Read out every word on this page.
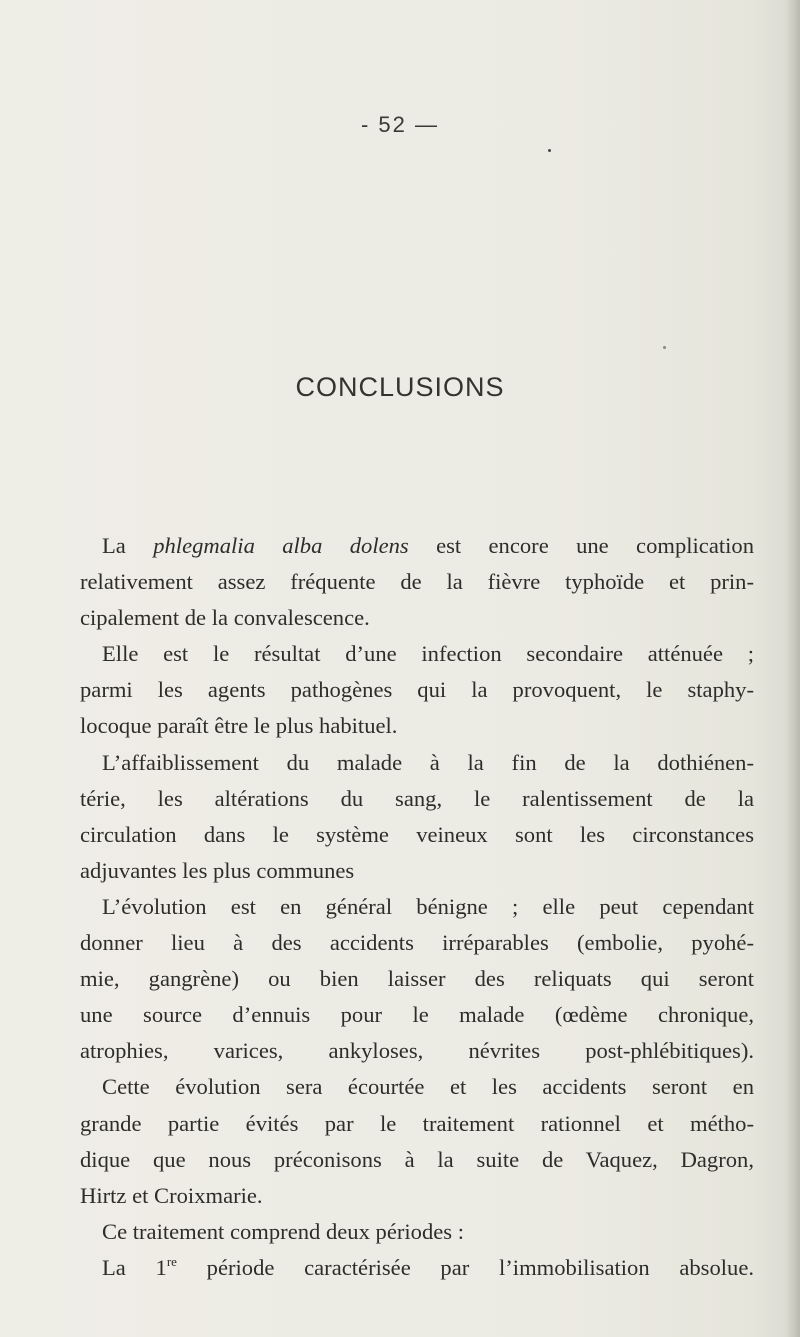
- 52 —
CONCLUSIONS
La phlegmalia alba dolens est encore une complication
relativement assez fréquente de la fièvre typhoïde et prin-
cipalement de la convalescence.
Elle est le résultat d’une infection secondaire atténuée ;
parmi les agents pathogènes qui la provoquent, le staphy-
locoque paraît être le plus habituel.
L’affaiblissement du malade à la fin de la dothiénen-
térie, les altérations du sang, le ralentissement de la
circulation dans le système veineux sont les circonstances
adjuvantes les plus communes
L’évolution est en général bénigne ; elle peut cependant
donner lieu à des accidents irréparables (embolie, pyohé-
mie, gangrène) ou bien laisser des reliquats qui seront
une source d’ennuis pour le malade (œdème chronique,
atrophies, varices, ankyloses, névrites post-phlébitiques).
Cette évolution sera écourtée et les accidents seront en
grande partie évités par le traitement rationnel et métho-
dique que nous préconisons à la suite de Vaquez, Dagron,
Hirtz et Croixmarie.
Ce traitement comprend deux périodes :
La 1re période caractérisée par l’immobilisation absolue.
